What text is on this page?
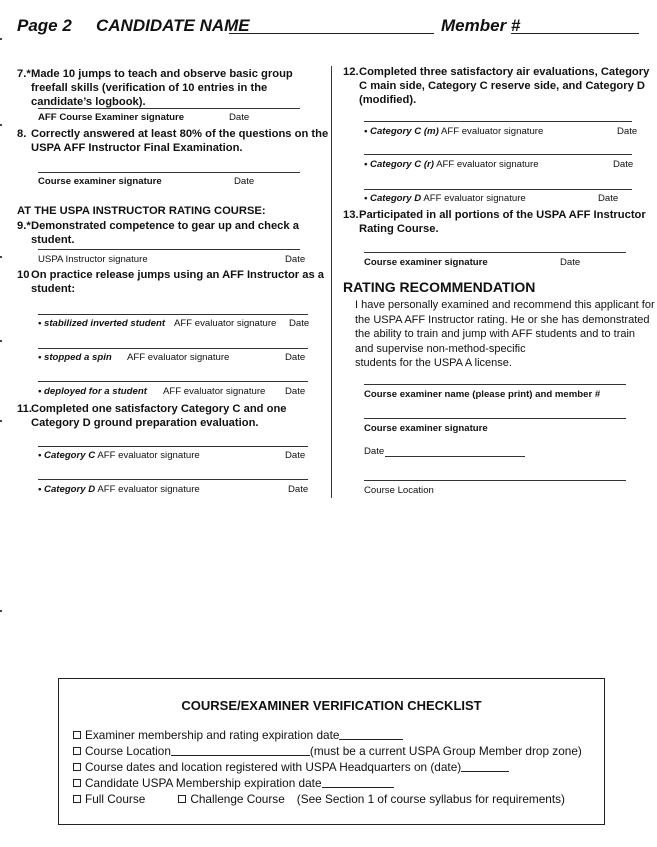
Page 2 CANDIDATE NAME	Member #
7.* Made 10 jumps to teach and observe basic group freefall skills (verification of 10 entries in the candidate’s logbook).
AFF Course Examiner signature	Date
8. Correctly answered at least 80% of the questions on the USPA AFF Instructor Final Examination.
Course examiner signature	Date
AT THE USPA INSTRUCTOR RATING COURSE:
9.* Demonstrated competence to gear up and check a student.
USPA Instructor signature	Date
10 On practice release jumps using an AFF Instructor as a student:
• stabilized inverted student AFF evaluator signature Date
• stopped a spin AFF evaluator signature	Date
• deployed for a student AFF evaluator signature Date
11. Completed one satisfactory Category C and one Category D ground preparation evaluation.
• Category C AFF evaluator signature	Date
• Category D AFF evaluator signature	Date
12. Completed three satisfactory air evaluations, Category C main side, Category C reserve side, and Category D (modified).
• Category C (m) AFF evaluator signature	Date
• Category C (r) AFF evaluator signature	Date
• Category D AFF evaluator signature	Date
13. Participated in all portions of the USPA AFF Instructor Rating Course.
Course examiner signature	Date
RATING RECOMMENDATION
I have personally examined and recommend this applicant for
the USPA AFF Instructor rating. He or she has demonstrated
the ability to train and jump with AFF students and to train
and supervise non-method-specific
students for the USPA A license.
Course examiner name (please print) and member #
Course examiner signature
Date
Course Location
COURSE/EXAMINER VERIFICATION CHECKLIST
Examiner membership and rating expiration date
Course Location	(must be a current USPA Group Member drop zone)
Course dates and location registered with USPA Headquarters on (date)
Candidate USPA Membership expiration date
Full Course	Challenge Course (See Section 1 of course syllabus for requirements)
